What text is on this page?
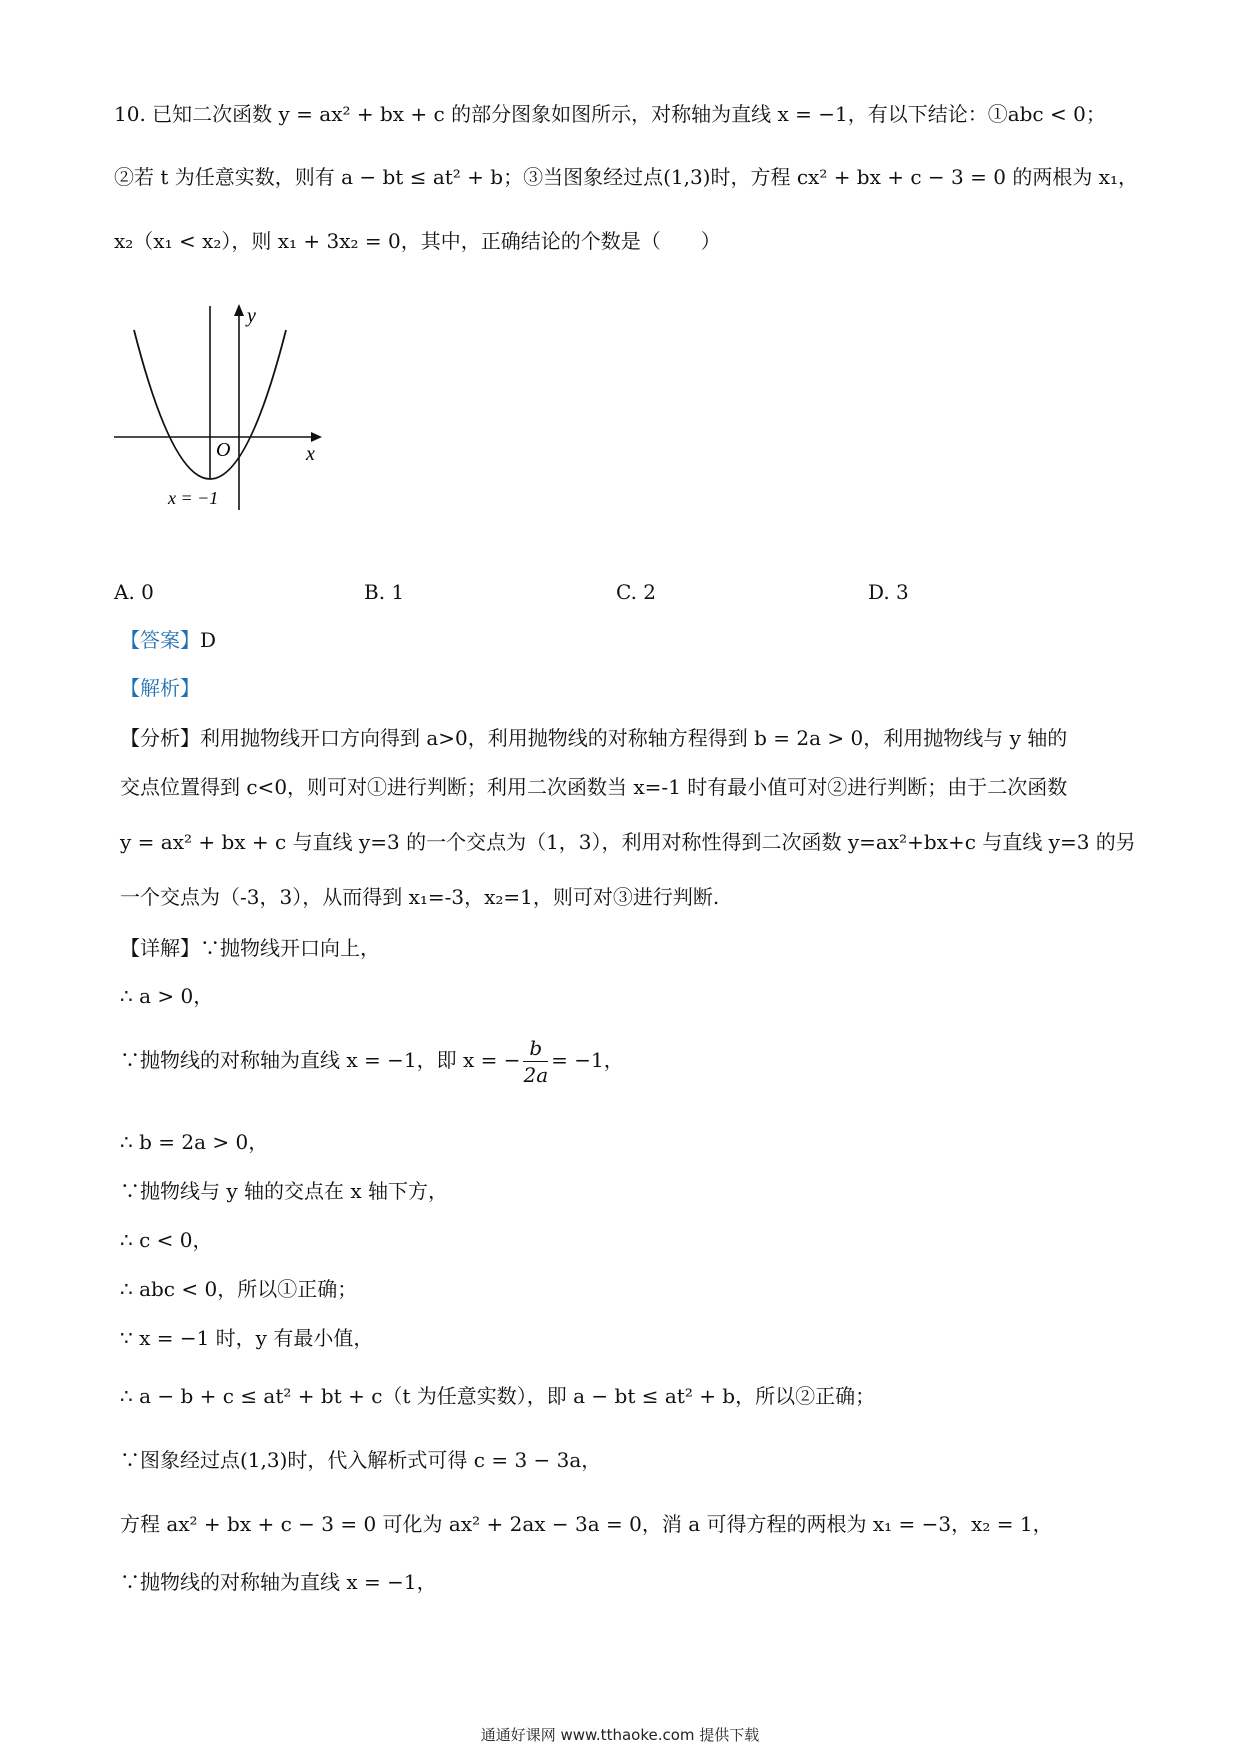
10. 已知二次函数 y = ax² + bx + c 的部分图象如图所示，对称轴为直线 x = −1，有以下结论：①abc < 0；
②若 t 为任意实数，则有 a − bt ≤ at² + b；③当图象经过点(1,3)时，方程 cx² + bx + c − 3 = 0 的两根为 x₁，
x₂（x₁ < x₂），则 x₁ + 3x₂ = 0，其中，正确结论的个数是（　　）
y
x
O
x = −1
A. 0	B. 1	C. 2	D. 3
【答案】D
【解析】
【分析】利用抛物线开口方向得到 a>0，利用抛物线的对称轴方程得到 b = 2a > 0，利用抛物线与 y 轴的
交点位置得到 c<0，则可对①进行判断；利用二次函数当 x=-1 时有最小值可对②进行判断；由于二次函数
y = ax² + bx + c 与直线 y=3 的一个交点为（1，3），利用对称性得到二次函数 y=ax²+bx+c 与直线 y=3 的另
一个交点为（-3，3），从而得到 x₁=-3，x₂=1，则可对③进行判断.
【详解】∵抛物线开口向上，
∴ a > 0，
∵抛物线的对称轴为直线 x = −1，即 x = − $\frac{b}{2a} = -1$，
∴ b = 2a > 0，
∵抛物线与 y 轴的交点在 x 轴下方，
∴ c < 0，
∴ abc < 0，所以①正确；
∵ x = −1 时，y 有最小值，
∴ a − b + c ≤ at² + bt + c（t 为任意实数），即 a − bt ≤ at² + b，所以②正确；
∵图象经过点(1,3)时，代入解析式可得 c = 3 − 3a，
方程 ax² + bx + c − 3 = 0 可化为 ax² + 2ax − 3a = 0，消 a 可得方程的两根为 x₁ = −3，x₂ = 1，
∵抛物线的对称轴为直线 x = −1，
通通好课网 www.tthaoke.com 提供下载
